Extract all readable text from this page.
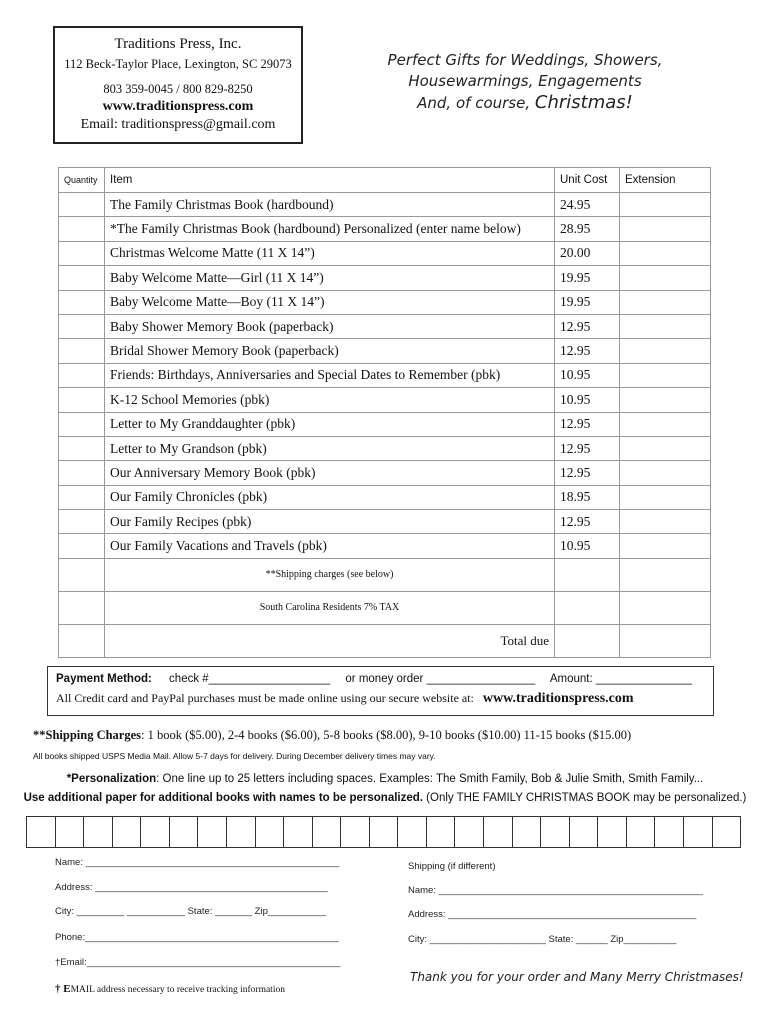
Traditions Press, Inc.
112 Beck-Taylor Place, Lexington, SC 29073
803 359-0045 / 800 829-8250
www.traditionspress.com
Email: traditionspress@gmail.com
Perfect Gifts for Weddings, Showers,
Housewarmings, Engagements
And, of course, Christmas!
Quantity	Item	Unit Cost	Extension
	The Family Christmas Book (hardbound)	24.95	
	*The Family Christmas Book (hardbound) Personalized (enter name below)	28.95	
	Christmas Welcome Matte (11 X 14”)	20.00	
	Baby Welcome Matte—Girl (11 X 14”)	19.95	
	Baby Welcome Matte—Boy (11 X 14”)	19.95	
	Baby Shower Memory Book (paperback)	12.95	
	Bridal Shower Memory Book (paperback)	12.95	
	Friends: Birthdays, Anniversaries and Special Dates to Remember (pbk)	10.95	
	K-12 School Memories (pbk)	10.95	
	Letter to My Granddaughter (pbk)	12.95	
	Letter to My Grandson (pbk)	12.95	
	Our Anniversary Memory Book (pbk)	12.95	
	Our Family Chronicles (pbk)	18.95	
	Our Family Recipes (pbk)	12.95	
	Our Family Vacations and Travels (pbk)	10.95	
	**Shipping charges (see below)		
	South Carolina Residents 7% TAX		
	Total due		
Payment Method: check #___________________ or money order _________________ Amount: _______________
All Credit card and PayPal purchases must be made online using our secure website at: www.traditionspress.com
**Shipping Charges: 1 book ($5.00), 2-4 books ($6.00), 5-8 books ($8.00), 9-10 books ($10.00) 11-15 books ($15.00)
All books shipped USPS Media Mail. Allow 5-7 days for delivery. During December delivery times may vary.
*Personalization: One line up to 25 letters including spaces. Examples: The Smith Family, Bob & Julie Smith, Smith Family...
Use additional paper for additional books with names to be personalized. (Only THE FAMILY CHRISTMAS BOOK may be personalized.)
Name: ________________________________________________
Address: ____________________________________________
City: _________ ___________ State: _______ Zip___________
Phone:________________________________________________
†Email:________________________________________________
Shipping (if different)
Name: __________________________________________________
Address: _______________________________________________
City: ______________________ State: ______ Zip__________
Thank you for your order and Many Merry Christmases!
† EMAIL address necessary to receive tracking information
